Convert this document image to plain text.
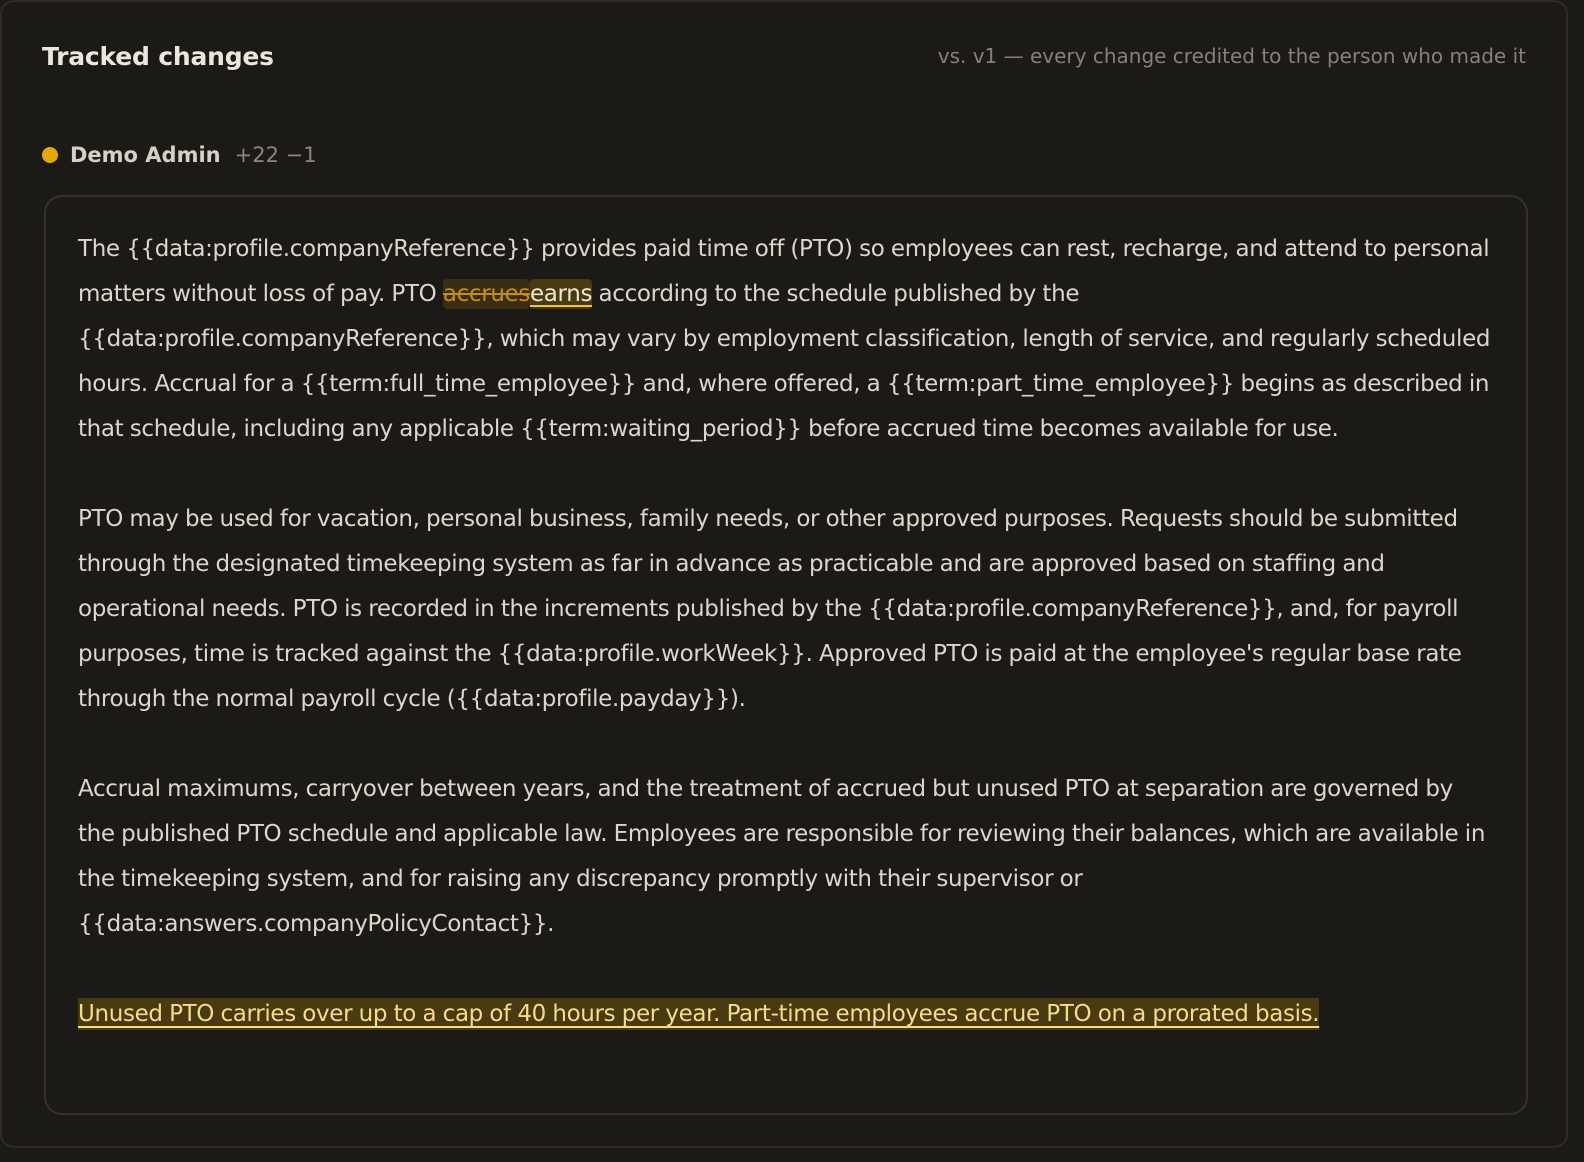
Tracked changes	vs. v1 — every change credited to the person who made it
Demo Admin +22 −1

The {{data:profile.companyReference}} provides paid time off (PTO) so employees can rest, recharge, and attend to personal matters without loss of pay. PTO accruesearns according to the schedule published by the {{data:profile.companyReference}}, which may vary by employment classification, length of service, and regularly scheduled hours. Accrual for a {{term:full_time_employee}} and, where offered, a {{term:part_time_employee}} begins as described in that schedule, including any applicable {{term:waiting_period}} before accrued time becomes available for use.

PTO may be used for vacation, personal business, family needs, or other approved purposes. Requests should be submitted through the designated timekeeping system as far in advance as practicable and are approved based on staffing and operational needs. PTO is recorded in the increments published by the {{data:profile.companyReference}}, and, for payroll purposes, time is tracked against the {{data:profile.workWeek}}. Approved PTO is paid at the employee's regular base rate through the normal payroll cycle ({{data:profile.payday}}).

Accrual maximums, carryover between years, and the treatment of accrued but unused PTO at separation are governed by the published PTO schedule and applicable law. Employees are responsible for reviewing their balances, which are available in the timekeeping system, and for raising any discrepancy promptly with their supervisor or {{data:answers.companyPolicyContact}}.

Unused PTO carries over up to a cap of 40 hours per year. Part-time employees accrue PTO on a prorated basis.
